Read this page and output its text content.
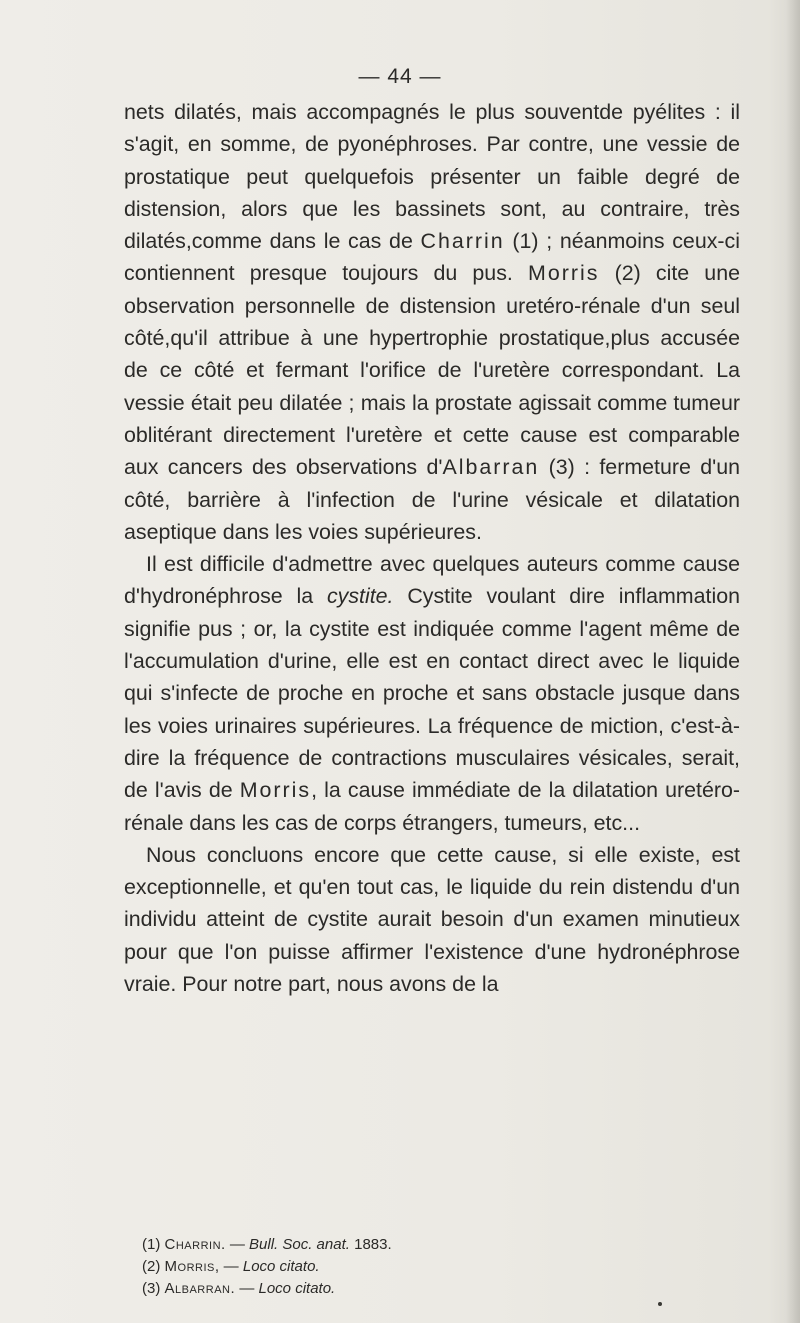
— 44 —

nets dilatés, mais accompagnés le plus souventde pyélites : il s'agit, en somme, de pyonéphroses. Par contre, une vessie de prostatique peut quelquefois présenter un faible degré de distension, alors que les bassinets sont, au contraire, très dilatés,comme dans le cas de Charrin (1) ; néanmoins ceux-ci contiennent presque toujours du pus. Morris (2) cite une observation personnelle de distension uretéro-rénale d'un seul côté,qu'il attribue à une hypertrophie prostatique,plus accusée de ce côté et fermant l'orifice de l'uretère correspondant. La vessie était peu dilatée ; mais la prostate agissait comme tumeur oblitérant directement l'uretère et cette cause est comparable aux cancers des observations d'Albarran (3) : fermeture d'un côté, barrière à l'infection de l'urine vésicale et dilatation aseptique dans les voies supérieures.

Il est difficile d'admettre avec quelques auteurs comme cause d'hydronéphrose la cystite. Cystite voulant dire inflammation signifie pus ; or, la cystite est indiquée comme l'agent même de l'accumulation d'urine, elle est en contact direct avec le liquide qui s'infecte de proche en proche et sans obstacle jusque dans les voies urinaires supérieures. La fréquence de miction, c'est-à-dire la fréquence de contractions musculaires vésicales, serait, de l'avis de Morris, la cause immédiate de la dilatation uretéro-rénale dans les cas de corps étrangers, tumeurs, etc...

Nous concluons encore que cette cause, si elle existe, est exceptionnelle, et qu'en tout cas, le liquide du rein distendu d'un individu atteint de cystite aurait besoin d'un examen minutieux pour que l'on puisse affirmer l'existence d'une hydronéphrose vraie. Pour notre part, nous avons de la

(1) Charrin. — Bull. Soc. anat. 1883.
(2) Morris, — Loco citato.
(3) Albarran. — Loco citato.
